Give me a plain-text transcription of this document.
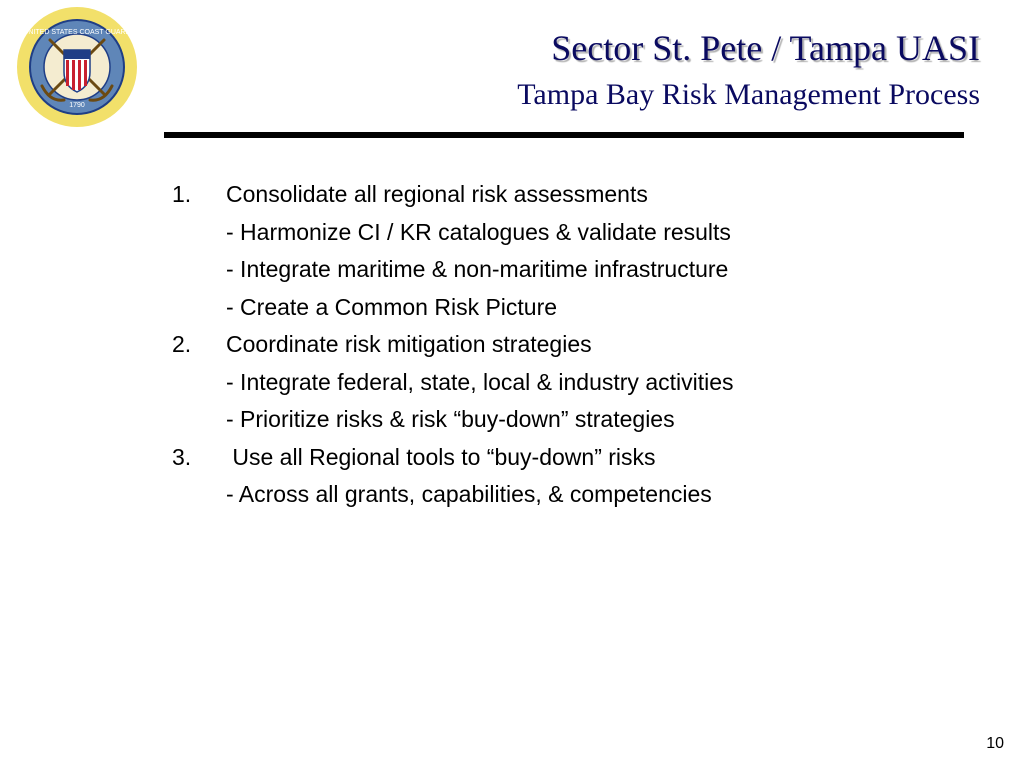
UNITED STATES COAST GUARD
1790
Sector St. Pete / Tampa UASI
Tampa Bay Risk Management Process
1. Consolidate all regional risk assessments
- Harmonize CI / KR catalogues & validate results
- Integrate maritime & non-maritime infrastructure
- Create a Common Risk Picture
2. Coordinate risk mitigation strategies
- Integrate federal, state, local & industry activities
- Prioritize risks & risk “buy-down” strategies
3. Use all Regional tools to “buy-down” risks
- Across all grants, capabilities, & competencies
10
